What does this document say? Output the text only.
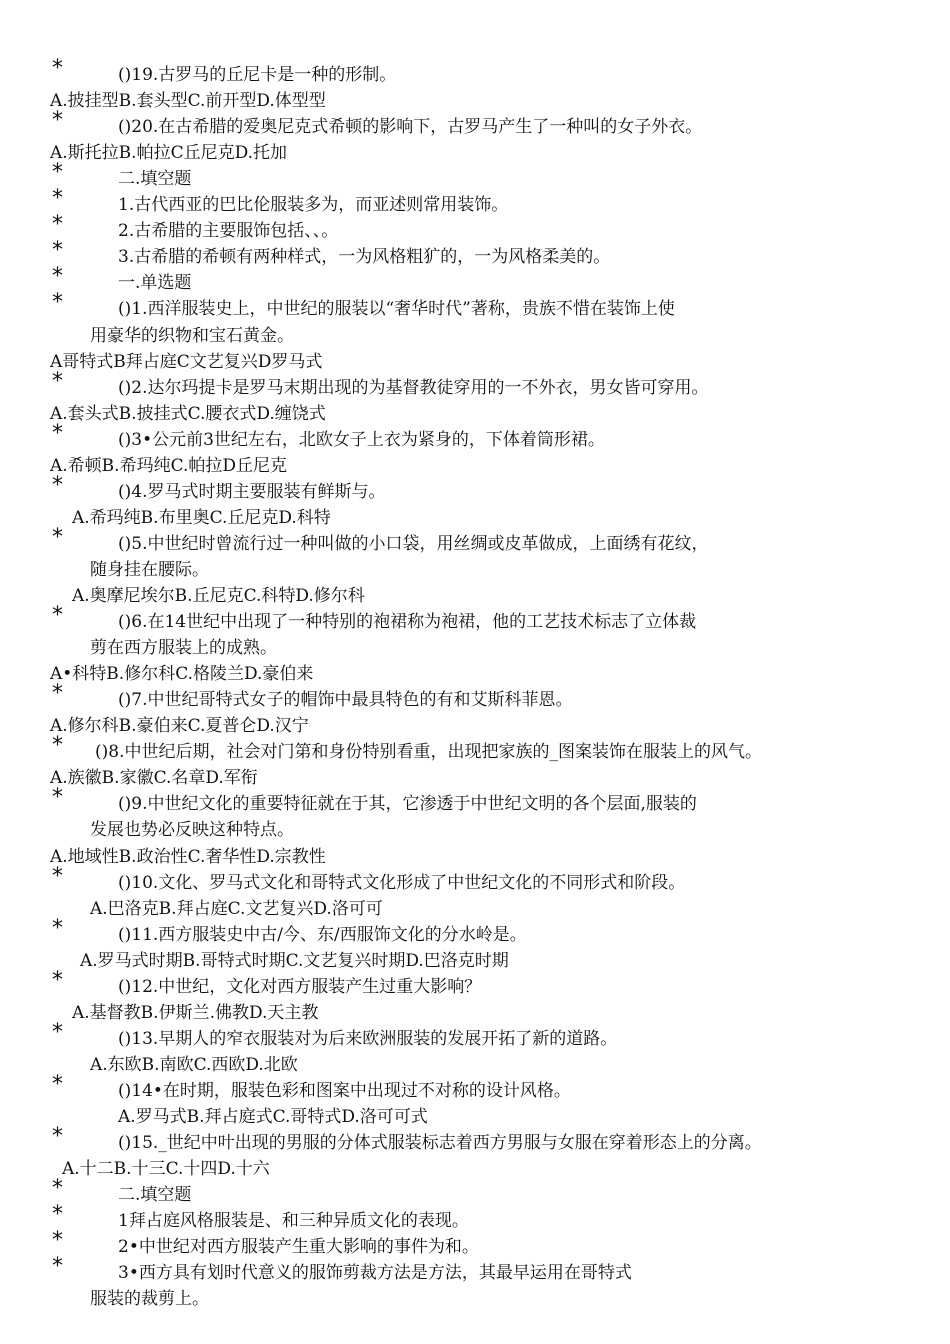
*	()19.古罗马的丘尼卡是一种的形制。
A.披挂型B.套头型C.前开型D.体型型
*	()20.在古希腊的爱奥尼克式希顿的影响下，古罗马产生了一种叫的女子外衣。
A.斯托拉B.帕拉C丘尼克D.托加
*	二.填空题
*	1.古代西亚的巴比伦服装多为，而亚述则常用装饰。
*	2.古希腊的主要服饰包括、、。
*	3.古希腊的希顿有两种样式，一为风格粗犷的，一为风格柔美的。
*	一.单选题
*	()1.西洋服装史上，中世纪的服装以“奢华时代”著称，贵族不惜在装饰上使
用豪华的织物和宝石黄金。
A哥特式B拜占庭C文艺复兴D罗马式
*	()2.达尔玛提卡是罗马末期出现的为基督教徒穿用的一不外衣，男女皆可穿用。
A.套头式B.披挂式C.腰衣式D.缠饶式
*	()3•公元前3世纪左右，北欧女子上衣为紧身的，下体着筒形裙。
A.希顿B.希玛纯C.帕拉D丘尼克
*	()4.罗马式时期主要服装有鲜斯与。
A.希玛纯B.布里奥C.丘尼克D.科特
*	()5.中世纪时曾流行过一种叫做的小口袋，用丝绸或皮革做成，上面绣有花纹，
随身挂在腰际。
A.奥摩尼埃尔B.丘尼克C.科特D.修尔科
*	()6.在14世纪中出现了一种特别的袍裙称为袍裙，他的工艺技术标志了立体裁
剪在西方服装上的成熟。
A•科特B.修尔科C.格陵兰D.豪伯来
*	()7.中世纪哥特式女子的帽饰中最具特色的有和艾斯科菲恩。
A.修尔科B.豪伯来C.夏普仑D.汉宁
* ()8.中世纪后期，社会对门第和身份特别看重，出现把家族的_图案装饰在服装上的风气。
A.族徽B.家徽C.名章D.军衔
*	()9.中世纪文化的重要特征就在于其，它渗透于中世纪文明的各个层面,服装的
发展也势必反映这种特点。
A.地域性B.政治性C.奢华性D.宗教性
*	()10.文化、罗马式文化和哥特式文化形成了中世纪文化的不同形式和阶段。
A.巴洛克B.拜占庭C.文艺复兴D.洛可可
*	()11.西方服装史中古/今、东/西服饰文化的分水岭是。
A.罗马式时期B.哥特式时期C.文艺复兴时期D.巴洛克时期
*	()12.中世纪，文化对西方服装产生过重大影响？
A.基督教B.伊斯兰.佛教D.天主教
*	()13.早期人的窄衣服装对为后来欧洲服装的发展开拓了新的道路。
A.东欧B.南欧C.西欧D.北欧
*	()14•在时期，服装色彩和图案中出现过不对称的设计风格。
A.罗马式B.拜占庭式C.哥特式D.洛可可式
*	()15._世纪中叶出现的男服的分体式服装标志着西方男服与女服在穿着形态上的分离。
A.十二B.十三C.十四D.十六
*	二.填空题
*	1拜占庭风格服装是、和三种异质文化的表现。
*	2•中世纪对西方服装产生重大影响的事件为和。
*	3•西方具有划时代意义的服饰剪裁方法是方法，其最早运用在哥特式
服装的裁剪上。
